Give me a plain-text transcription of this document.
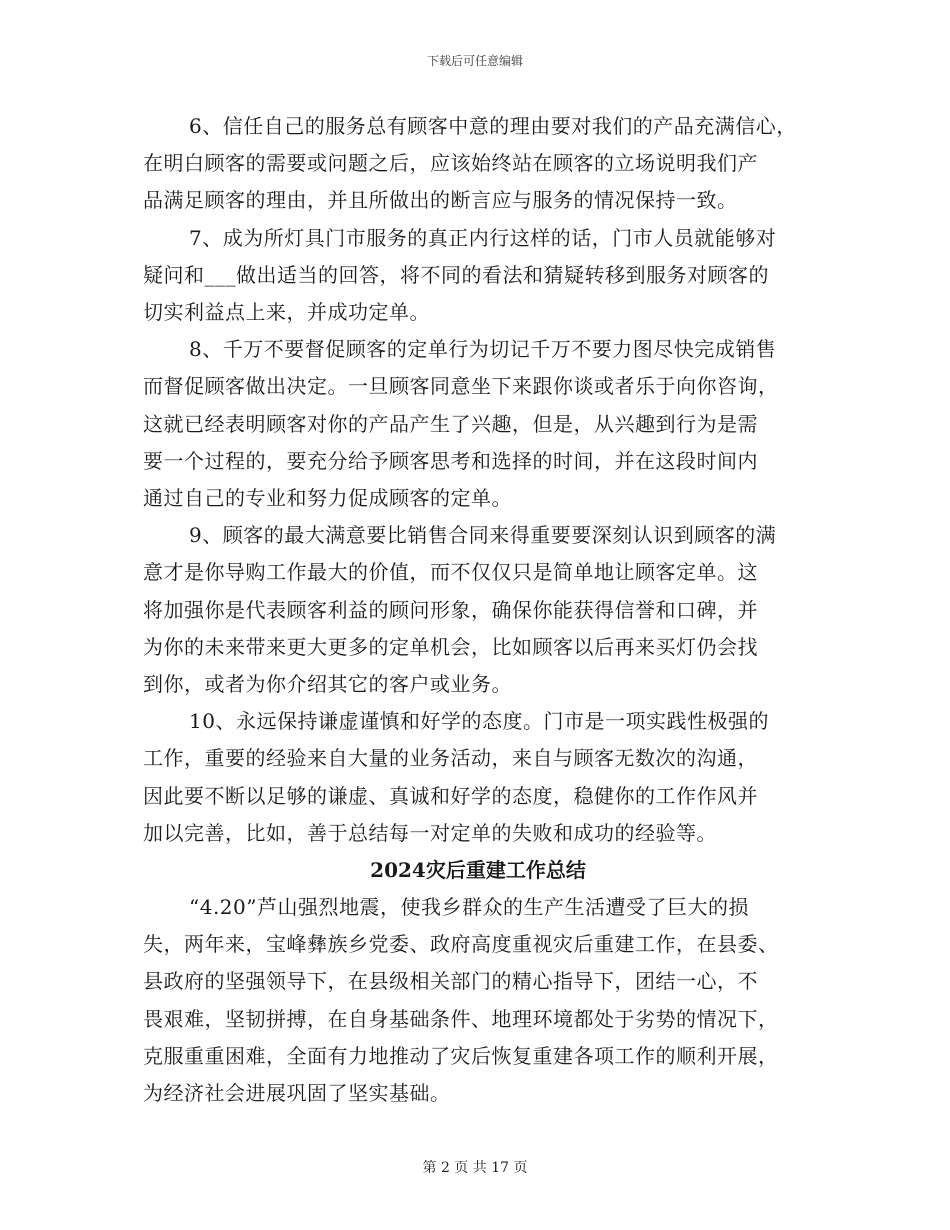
下载后可任意编辑

6、信任自己的服务总有顾客中意的理由要对我们的产品充满信心，
在明白顾客的需要或问题之后，应该始终站在顾客的立场说明我们产
品满足顾客的理由，并且所做出的断言应与服务的情况保持一致。

7、成为所灯具门市服务的真正内行这样的话，门市人员就能够对
疑问和___做出适当的回答，将不同的看法和猜疑转移到服务对顾客的
切实利益点上来，并成功定单。

8、千万不要督促顾客的定单行为切记千万不要力图尽快完成销售
而督促顾客做出决定。一旦顾客同意坐下来跟你谈或者乐于向你咨询，
这就已经表明顾客对你的产品产生了兴趣，但是，从兴趣到行为是需
要一个过程的，要充分给予顾客思考和选择的时间，并在这段时间内
通过自己的专业和努力促成顾客的定单。

9、顾客的最大满意要比销售合同来得重要要深刻认识到顾客的满
意才是你导购工作最大的价值，而不仅仅只是简单地让顾客定单。这
将加强你是代表顾客利益的顾问形象，确保你能获得信誉和口碑，并
为你的未来带来更大更多的定单机会，比如顾客以后再来买灯仍会找
到你，或者为你介绍其它的客户或业务。

10、永远保持谦虚谨慎和好学的态度。门市是一项实践性极强的
工作，重要的经验来自大量的业务活动，来自与顾客无数次的沟通，
因此要不断以足够的谦虚、真诚和好学的态度，稳健你的工作作风并
加以完善，比如，善于总结每一对定单的失败和成功的经验等。

2024灾后重建工作总结

“4.20”芦山强烈地震，使我乡群众的生产生活遭受了巨大的损
失，两年来，宝峰彝族乡党委、政府高度重视灾后重建工作，在县委、
县政府的坚强领导下，在县级相关部门的精心指导下，团结一心，不
畏艰难，坚韧拼搏，在自身基础条件、地理环境都处于劣势的情况下，
克服重重困难，全面有力地推动了灾后恢复重建各项工作的顺利开展，
为经济社会进展巩固了坚实基础。

第 2 页 共 17 页
